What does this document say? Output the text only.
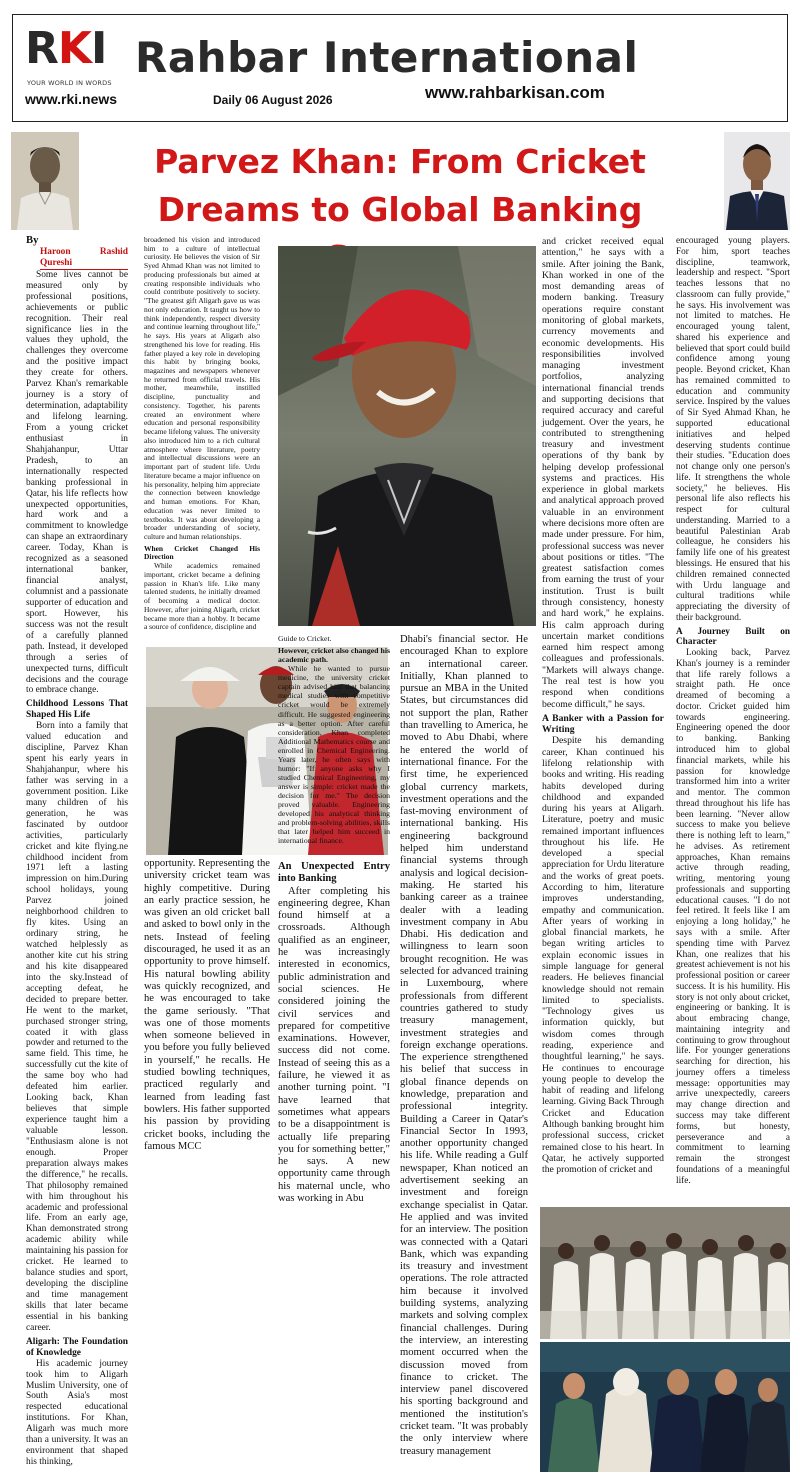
RKI
YOUR WORLD IN WORDS
Rahbar International
www.rki.news	Daily 06 August 2026	www.rahbarkisan.com
Parvez Khan: From Cricket
Dreams to Global Banking

By

Haroon Rashid Qureshi

Some lives cannot be measured only by professional positions, achievements or public recognition. Their real significance lies in the values they uphold, the challenges they overcome and the positive impact they create for others. Parvez Khan's remarkable journey is a story of determination, adaptability and lifelong learning. From a young cricket enthusiast in Shahjahanpur, Uttar Pradesh, to an internationally respected banking professional in Qatar, his life reflects how unexpected opportunities, hard work and a commitment to knowledge can shape an extraordinary career. Today, Khan is recognized as a seasoned international banker, financial analyst, columnist and a passionate supporter of education and sport. However, his success was not the result of a carefully planned path. Instead, it developed through a series of unexpected turns, difficult decisions and the courage to embrace change.

Childhood Lessons That Shaped His Life

Born into a family that valued education and discipline, Parvez Khan spent his early years in Shahjahanpur, where his father was serving in a government position. Like many children of his generation, he was fascinated by outdoor activities, particularly cricket and kite flying.ne childhood incident from 1971 left a lasting impression on him.During school holidays, young Parvez joined neighborhood children to fly kites. Using an ordinary string, he watched helplessly as another kite cut his string and his kite disappeared into the sky.Instead of accepting defeat, he decided to prepare better. He went to the market, purchased stronger string, coated it with glass powder and returned to the same field. This time, he successfully cut the kite of the same boy who had defeated him earlier. Looking back, Khan believes that simple experience taught him a valuable lesson. "Enthusiasm alone is not enough. Proper preparation always makes the difference," he recalls. That philosophy remained with him throughout his academic and professional life. From an early age, Khan demonstrated strong academic ability while maintaining his passion for cricket. He learned to balance studies and sport, developing the discipline and time management skills that later became essential in his banking career.

Aligarh: The Foundation of Knowledge

His academic journey took him to Aligarh Muslim University, one of South Asia's most respected educational institutions. For Khan, Aligarh was much more than a university. It was an environment that shaped his thinking,

broadened his vision and introduced him to a culture of intellectual curiosity. He believes the vision of Sir Syed Ahmad Khan was not limited to producing professionals but aimed at creating responsible individuals who could contribute positively to society. "The greatest gift Aligarh gave us was not only education. It taught us how to think independently, respect diversity and continue learning throughout life," he says. His years at Aligarh also strengthened his love for reading. His father played a key role in developing this habit by bringing books, magazines and newspapers whenever he returned from official travels. His mother, meanwhile, instilled discipline, punctuality and consistency. Together, his parents created an environment where education and personal responsibility became lifelong values. The university also introduced him to a rich cultural atmosphere where literature, poetry and intellectual discussions were an important part of student life. Urdu literature became a major influence on his personality, helping him appreciate the connection between knowledge and human emotions. For Khan, education was never limited to textbooks. It was about developing a broader understanding of society, culture and human relationships.

When Cricket Changed His Direction

While academics remained important, cricket became a defining passion in Khan's life. Like many talented students, he initially dreamed of becoming a medical doctor. However, after joining Aligarh, cricket became more than a hobby. It became a source of confidence, discipline and

opportunity. Representing the university cricket team was highly competitive. During an early practice session, he was given an old cricket ball and asked to bowl only in the nets. Instead of feeling discouraged, he used it as an opportunity to prove himself. His natural bowling ability was quickly recognized, and he was encouraged to take the game seriously. "That was one of those moments when someone believed in you before you fully believed in yourself," he recalls. He studied bowling techniques, practiced regularly and learned from leading fast bowlers. His father supported his passion by providing cricket books, including the famous MCC

Guide to Cricket.

However, cricket also changed his academic path.

While he wanted to pursue medicine, the university cricket captain advised him that balancing medical studies with competitive cricket would be extremely difficult. He suggested engineering as a better option. After careful consideration, Khan completed Additional Mathematics course and enrolled in Chemical Engineering. Years later, he often says with humor: "If anyone asks why I studied Chemical Engineering, my answer is simple: cricket made the decision for me." The decision proved valuable. Engineering developed his analytical thinking and problem-solving abilities, skills that later helped him succeed in international finance.

An Unexpected Entry into Banking

After completing his engineering degree, Khan found himself at a crossroads. Although qualified as an engineer, he was increasingly interested in economics, public administration and social sciences. He considered joining the civil services and prepared for competitive examinations. However, success did not come. Instead of seeing this as a failure, he viewed it as another turning point. "I have learned that sometimes what appears to be a disappointment is actually life preparing you for something better," he says. A new opportunity came through his maternal uncle, who was working in Abu

Dhabi's financial sector. He encouraged Khan to explore an international career. Initially, Khan planned to pursue an MBA in the United States, but circumstances did not support the plan, Rather than travelling to America, he moved to Abu Dhabi, where he entered the world of international finance. For the first time, he experienced global currency markets, investment operations and the fast-moving environment of international banking. His engineering background helped him understand financial systems through analysis and logical decision-making. He started his banking career as a trainee dealer with a leading investment company in Abu Dhabi. His dedication and willingness to learn soon brought recognition. He was selected for advanced training in Luxembourg, where professionals from different countries gathered to study treasury management, investment strategies and foreign exchange operations. The experience strengthened his belief that success in global finance depends on knowledge, preparation and professional integrity. Building a Career in Qatar's Financial Sector In 1993, another opportunity changed his life. While reading a Gulf newspaper, Khan noticed an advertisement seeking an investment and foreign exchange specialist in Qatar. He applied and was invited for an interview. The position was connected with a Qatari Bank, which was expanding its treasury and investment operations. The role attracted him because it involved building systems, analyzing markets and solving complex financial challenges. During the interview, an interesting moment occurred when the discussion moved from finance to cricket. The interview panel discovered his sporting background and mentioned the institution's cricket team. "It was probably the only interview where treasury management

and cricket received equal attention," he says with a smile. After joining the Bank, Khan worked in one of the most demanding areas of modern banking. Treasury operations require constant monitoring of global markets, currency movements and economic developments. His responsibilities involved managing investment portfolios, analyzing international financial trends and supporting decisions that required accuracy and careful judgement. Over the years, he contributed to strengthening treasury and investment operations of thy bank by helping develop professional systems and practices. His experience in global markets and analytical approach proved valuable in an environment where decisions more often are made under pressure. For him, professional success was never about positions or titles. "The greatest satisfaction comes from earning the trust of your institution. Trust is built through consistency, honesty and hard work," he explains. His calm approach during uncertain market conditions earned him respect among colleagues and professionals. "Markets will always change. The real test is how you respond when conditions become difficult," he says.

A Banker with a Passion for Writing

Despite his demanding career, Khan continued his lifelong relationship with books and writing. His reading habits developed during childhood and expanded during his years at Aligarh. Literature, poetry and music remained important influences throughout his life. He developed a special appreciation for Urdu literature and the works of great poets. According to him, literature improves understanding, empathy and communication. After years of working in global financial markets, he began writing articles to explain economic issues in simple language for general readers. He believes financial knowledge should not remain limited to specialists. "Technology gives us information quickly, but wisdom comes through reading, experience and thoughtful learning," he says. He continues to encourage young people to develop the habit of reading and lifelong learning. Giving Back Through Cricket and Education Although banking brought him professional success, cricket remained close to his heart. In Qatar, he actively supported the promotion of cricket and

encouraged young players. For him, sport teaches discipline, teamwork, leadership and respect. "Sport teaches lessons that no classroom can fully provide," he says. His involvement was not limited to matches. He encouraged young talent, shared his experience and believed that sport could build confidence among young people. Beyond cricket, Khan has remained committed to education and community service. Inspired by the values of Sir Syed Ahmad Khan, he supported educational initiatives and helped deserving students continue their studies. "Education does not change only one person's life. It strengthens the whole society," he believes. His personal life also reflects his respect for cultural understanding. Married to a beautiful Palestinian Arab colleague, he considers his family life one of his greatest blessings. He ensured that his children remained connected with Urdu language and cultural traditions while appreciating the diversity of their background.

A Journey Built on Character

Looking back, Parvez Khan's journey is a reminder that life rarely follows a straight path. He once dreamed of becoming a doctor. Cricket guided him towards engineering. Engineering opened the door to banking. Banking introduced him to global financial markets, while his passion for knowledge transformed him into a writer and mentor. The common thread throughout his life has been learning. "Never allow success to make you believe there is nothing left to learn," he advises. As retirement approaches, Khan remains active through reading, writing, mentoring young professionals and supporting educational causes. "I do not feel retired. It feels like I am enjoying a long holiday," he says with a smile. After spending time with Parvez Khan, one realizes that his greatest achievement is not his professional position or career success. It is his humility. His story is not only about cricket, engineering or banking. It is about embracing change, maintaining integrity and continuing to grow throughout life. For younger generations searching for direction, his journey offers a timeless message: opportunities may arrive unexpectedly, careers may change direction and success may take different forms, but honesty, perseverance and a commitment to learning remain the strongest foundations of a meaningful life.
